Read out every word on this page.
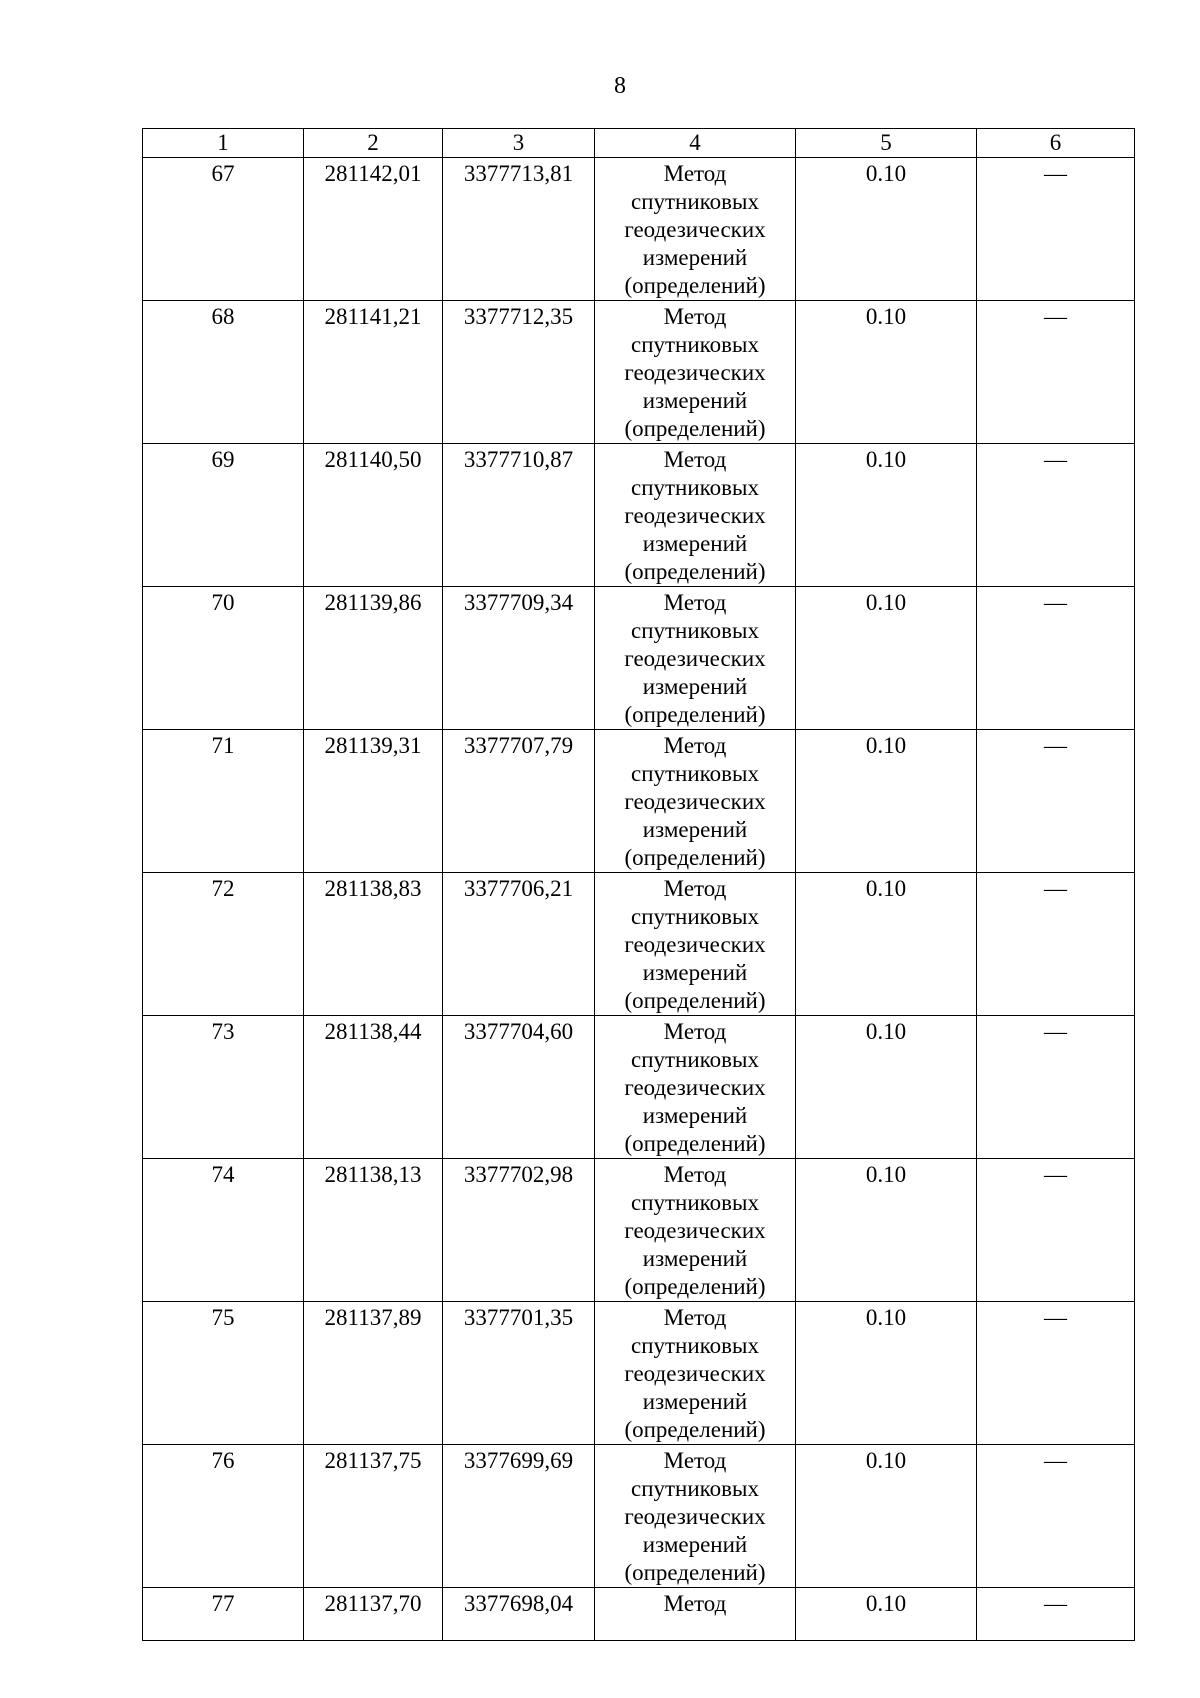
8
1	2	3	4	5	6

67	281142,01	3377713,81	Метод
спутниковых
геодезических
измерений
(определений)	0.10	—

68	281141,21	3377712,35	Метод
спутниковых
геодезических
измерений
(определений)	0.10	—

69	281140,50	3377710,87	Метод
спутниковых
геодезических
измерений
(определений)	0.10	—

70	281139,86	3377709,34	Метод
спутниковых
геодезических
измерений
(определений)	0.10	—

71	281139,31	3377707,79	Метод
спутниковых
геодезических
измерений
(определений)	0.10	—

72	281138,83	3377706,21	Метод
спутниковых
геодезических
измерений
(определений)	0.10	—

73	281138,44	3377704,60	Метод
спутниковых
геодезических
измерений
(определений)	0.10	—

74	281138,13	3377702,98	Метод
спутниковых
геодезических
измерений
(определений)	0.10	—

75	281137,89	3377701,35	Метод
спутниковых
геодезических
измерений
(определений)	0.10	—

76	281137,75	3377699,69	Метод
спутниковых
геодезических
измерений
(определений)	0.10	—

77	281137,70	3377698,04	Метод	0.10	—
